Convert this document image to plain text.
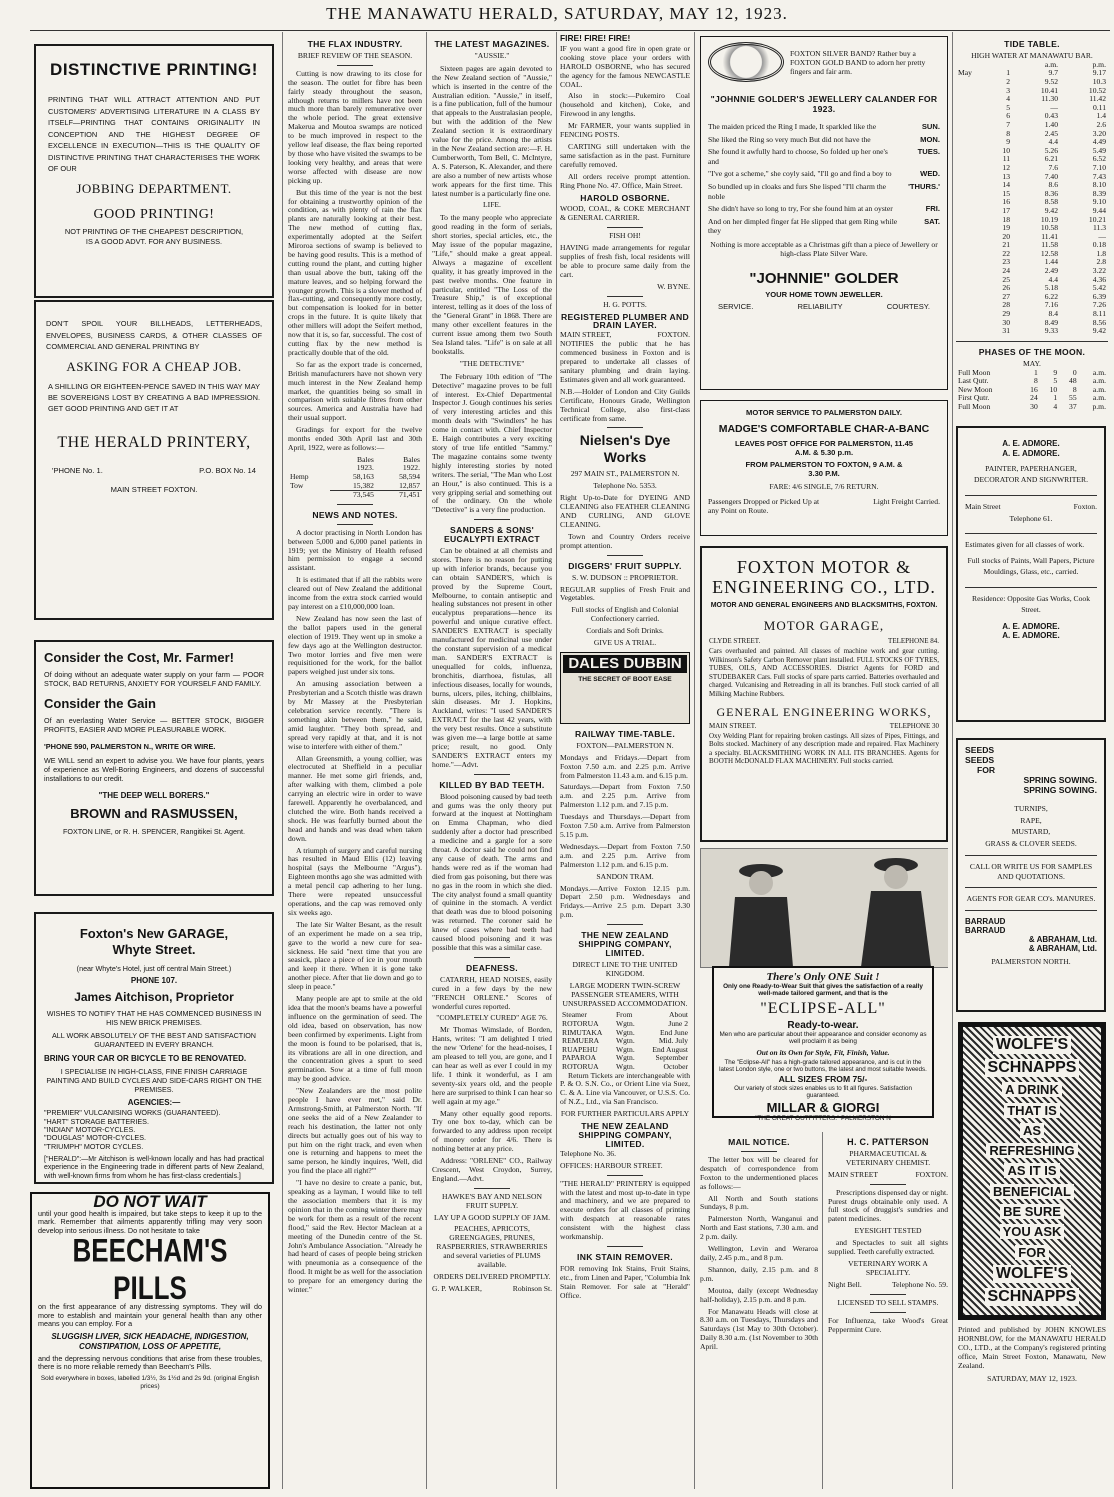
THE MANAWATU HERALD, SATURDAY, MAY 12, 1923.
DISTINCTIVE PRINTING!
PRINTING THAT WILL ATTRACT ATTENTION AND PUT CUSTOMERS' ADVERTISING LITERATURE IN A CLASS BY ITSELF—PRINTING THAT CONTAINS ORIGINALITY IN CONCEPTION AND THE HIGHEST DEGREE OF EXCELLENCE IN EXECUTION—THIS IS THE QUALITY OF DISTINCTIVE PRINTING THAT CHARACTERISES THE WORK OF OUR
JOBBING DEPARTMENT.
GOOD PRINTING!
NOT PRINTING OF THE CHEAPEST DESCRIPTION, IS A GOOD ADVT. FOR ANY BUSINESS.
DON'T SPOIL YOUR BILLHEADS, LETTERHEADS, ENVELOPES, BUSINESS CARDS, & OTHER CLASSES OF COMMERCIAL AND GENERAL PRINTING BY
ASKING FOR A CHEAP JOB.
A SHILLING OR EIGHTEEN-PENCE SAVED IN THIS WAY MAY BE SOVEREIGNS LOST BY CREATING A BAD IMPRESSION. GET GOOD PRINTING AND GET IT AT
THE HERALD PRINTERY,
'PHONE No. 1.	P.O. BOX No. 14
MAIN STREET FOXTON.
Consider the Cost, Mr. Farmer!
Of doing without an adequate water supply on your farm — POOR STOCK, BAD RETURNS, ANXIETY FOR YOURSELF AND FAMILY.
Consider the Gain
Of an everlasting Water Service — BETTER STOCK, BIGGER PROFITS, EASIER AND MORE PLEASURABLE WORK.
'PHONE 590, PALMERSTON N., WRITE OR WIRE.
WE WILL send an expert to advise you. We have four plants, years of experience as Well-Boring Engineers, and dozens of successful installations to our credit.
"THE DEEP WELL BORERS."
BROWN and RASMUSSEN,
FOXTON LINE, or R. H. SPENCER, Rangitikei St. Agent.
Foxton's New GARAGE, Whyte Street.
(near Whyte's Hotel, just off central Main Street.)
PHONE 107.
James Aitchison, Proprietor
WISHES TO NOTIFY THAT HE HAS COMMENCED BUSINESS IN HIS NEW BRICK PREMISES.
ALL WORK ABSOLUTELY OF THE BEST AND SATISFACTION GUARANTEED IN EVERY BRANCH.
BRING YOUR CAR OR BICYCLE TO BE RENOVATED.
I SPECIALISE IN HIGH-CLASS, FINE FINISH CARRIAGE PAINTING AND BUILD CYCLES AND SIDE-CARS RIGHT ON THE PREMISES.
AGENCIES:—
"PREMIER" VULCANISING WORKS (GUARANTEED).
"HART" STORAGE BATTERIES.
"INDIAN" MOTOR-CYCLES.
"DOUGLAS" MOTOR-CYCLES.
"TRIUMPH" MOTOR CYCLES.
["HERALD":—Mr Aitchison is well-known locally and has had practical experience in the Engineering trade in different parts of New Zealand, with well-known firms from whom he has first-class credentials.]
DO NOT WAIT
until your good health is impaired, but take steps to keep it up to the mark. Remember that ailments apparently trifling may very soon develop into serious illness. Do not hesitate to take
BEECHAM'S PILLS
on the first appearance of any distressing symptoms. They will do more to establish and maintain your general health than any other means you can employ. For a
SLUGGISH LIVER, SICK HEADACHE, INDIGESTION, CONSTIPATION, LOSS OF APPETITE,
and the depressing nervous conditions that arise from these troubles, there is no more reliable remedy than Beecham's Pills.
Sold everywhere in boxes, labelled 1/3½, 3s 1½d and 2s 9d. (original English prices)
THE FLAX INDUSTRY.
BRIEF REVIEW OF THE SEASON.

Cutting is now drawing to its close for the season. The outlet for fibre has been fairly steady throughout the season, although returns to millers have not been much more than barely remunerative over the whole period. The great extensive Makerua and Moutoa swamps are noticed to be much improved in respect to the yellow leaf disease, the flax being reported by those who have visited the swamps to be looking very healthy, and areas that were worse affected with disease are now picking up.

But this time of the year is not the best for obtaining a trustworthy opinion of the condition, as with plenty of rain the flax plants are naturally looking at their best. The new method of cutting flax, experimentally adopted at the Seifert Miroroa sections of swamp is believed to be having good results. This is a method of cutting round the plant, and cutting higher than usual above the butt, taking off the mature leaves, and so helping forward the younger growth. This is a slower method of flax-cutting, and consequently more costly, but compensation is looked for in better crops in the future. It is quite likely that other millers will adopt the Seifert method, now that it is, so far, successful. The cost of cutting flax by the new method is practically double that of the old.

So far as the export trade is concerned, British manufacturers have not shown very much interest in the New Zealand hemp market, the quantities being so small in comparison with suitable fibres from other sources. America and Australia have had their usual support.

Gradings for export for the twelve months ended 30th April last and 30th April, 1922, were as follows:—

	Bales	Bales
	1923.	1922.
Hemp	58,163	58,594
Tow	15,382	12,857
	73,545	71,451
NEWS AND NOTES.

A doctor practising in North London has between 5,000 and 6,000 panel patients in 1919; yet the Ministry of Health refused him permission to engage a second assistant.

It is estimated that if all the rabbits were cleared out of New Zealand the additional income from the extra stock carried would pay interest on a £10,000,000 loan.

New Zealand has now seen the last of the ballot papers used in the general election of 1919. They went up in smoke a few days ago at the Wellington destructor. Two motor lorries and five men were requisitioned for the work, for the ballot papers weighed just under six tons.

An amusing association between a Presbyterian and a Scotch thistle was drawn by Mr Massey at the Presbyterian celebration service recently. "There is something akin between them," he said, amid laughter. "They both spread, and spread very rapidly at that, and it is not wise to interfere with either of them."

Allan Greensmith, a young collier, was electrocuted at Sheffield in a peculiar manner. He met some girl friends, and, after walking with them, climbed a pole carrying an electric wire in order to wave farewell. Apparently he overbalanced, and clutched the wire. Both hands received a shock. He was fearfully burned about the head and hands and was dead when taken down.

A triumph of surgery and careful nursing has resulted in Maud Ellis (12) leaving hospital (says the Melbourne "Argus"). Eighteen months ago she was admitted with a metal pencil cap adhering to her lung. There were repeated unsuccessful operations, and the cap was removed only six weeks ago.

The late Sir Walter Besant, as the result of an experiment he made on a sea trip, gave to the world a new cure for sea-sickness. He said "next time that you are seasick, place a piece of ice in your mouth and keep it there. When it is gone take another piece. After that lie down and go to sleep in peace."

Many people are apt to smile at the old idea that the moon's beams have a powerful influence on the germination of seed. The old idea, based on observation, has now been confirmed by experiments. Light from the moon is found to be polarised, that is, its vibrations are all in one direction, and the concentration gives a spurt to seed germination. Sow at a time of full moon may be good advice.

"New Zealanders are the most polite people I have ever met," said Dr. Armstrong-Smith, at Palmerston North. "If one seeks the aid of a New Zealander to reach his destination, the latter not only directs but actually goes out of his way to put him on the right track, and even when one is returning and happens to meet the same person, he kindly inquires, 'Well, did you find the place all right?'"

"I have no desire to create a panic, but, speaking as a layman, I would like to tell the association members that it is my opinion that in the coming winter there may be work for them as a result of the recent flood," said the Rev. Hector Maclean at a meeting of the Dunedin centre of the St. John's Ambulance Association. "Already he had heard of cases of people being stricken with pneumonia as a consequence of the flood. It might be as well for the association to prepare for an emergency during the winter."

THE LATEST MAGAZINES.
"AUSSIE."

Sixteen pages are again devoted to the New Zealand section of "Aussie," which is inserted in the centre of the Australian edition. "Aussie," in itself, is a fine publication, full of the humour that appeals to the Australasian people, but with the addition of the New Zealand section it is extraordinary value for the price. Among the artists in the New Zealand section are:—F. H. Cumberworth, Tom Bell, C. McIntyre, A. S. Paterson, K. Alexander, and there are also a number of new artists whose work appears for the first time. This latest number is a particularly fine one.

LIFE.

To the many people who appreciate good reading in the form of serials, short stories, special articles, etc., the May issue of the popular magazine, "Life," should make a great appeal. Always a magazine of excellent quality, it has greatly improved in the past twelve months. One feature in particular, entitled "The Loss of the Treasure Ship," is of exceptional interest, telling as it does of the loss of the "General Grant" in 1868. There are many other excellent features in the current issue among them two South Sea Island tales. "Life" is on sale at all bookstalls.

"THE DETECTIVE"

The February 10th edition of "The Detective" magazine proves to be full of interest. Ex-Chief Departmental Inspector J. Gough continues his series of very interesting articles and this month deals with "Swindlers" he has come in contact with. Chief Inspector E. Haigh contributes a very exciting story of true life entitled "Sammy." The magazine contains some twenty highly interesting stories by noted writers. The serial, "The Man who Lost an Hour," is also continued. This is a very gripping serial and something out of the ordinary. On the whole "Detective" is a very fine production.

SANDERS & SONS' EUCALYPTI EXTRACT

Can be obtained at all chemists and stores. There is no reason for putting up with inferior brands, because you can obtain SANDER'S, which is proved by the Supreme Court, Melbourne, to contain antiseptic and healing substances not present in other eucalyptus preparations—hence its powerful and unique curative effect. SANDER'S EXTRACT is specially manufactured for medicinal use under the constant supervision of a medical man. SANDER'S EXTRACT is unequalled for colds, influenza, bronchitis, diarrhoea, fistulas, all infectious diseases, locally for wounds, burns, ulcers, piles, itching, chilblains, skin diseases. Mr J. Hopkins, Auckland, writes: "I used SANDER'S EXTRACT for the last 42 years, with the very best results. Once a substitute was given me—a large bottle at same price; result, no good. Only SANDER'S EXTRACT enters my home."—Advt.

KILLED BY BAD TEETH.

Blood poisoning caused by bad teeth and gums was the only theory put forward at the inquest at Nottingham on Emma Chapman, who died suddenly after a doctor had prescribed a medicine and a gargle for a sore throat. A doctor said he could not find any cause of death. The arms and hands were red as if the woman had died from gas poisoning, but there was no gas in the room in which she died. The city analyst found a small quantity of quinine in the stomach. A verdict that death was due to blood poisoning was returned. The coroner said he knew of cases where bad teeth had caused blood poisoning and it was possible that this was a similar case.

DEAFNESS.

CATARRH, HEAD NOISES, easily cured in a few days by the new "FRENCH ORLENE." Scores of wonderful cures reported.

"COMPLETELY CURED" AGE 76.

Mr Thomas Wimslade, of Borden, Hants, writes: "I am delighted I tried the new 'Orlene' for the head-noises, I am pleased to tell you, are gone, and I can hear as well as ever I could in my life. I think it wonderful, as I am seventy-six years old, and the people here are surprised to think I can hear so well again at my age."

Many other equally good reports. Try one box to-day, which can be forwarded to any address upon receipt of money order for 4/6. There is nothing better at any price.

Address: "ORLENE" CO., Railway Crescent, West Croydon, Surrey, England.—Advt.

HAWKE'S BAY AND NELSON FRUIT SUPPLY.

LAY UP A GOOD SUPPLY OF JAM.

PEACHES, APRICOTS, GREENGAGES, PRUNES, RASPBERRIES, STRAWBERRIES and several varieties of PLUMS available.

ORDERS DELIVERED PROMPTLY.

G. P. WALKER,	Robinson St.
FIRE! FIRE! FIRE!

IF you want a good fire in open grate or cooking stove place your orders with HAROLD OSBORNE, who has secured the agency for the famous NEWCASTLE COAL.

Also in stock:—Pukemiro Coal (household and kitchen), Coke, and Firewood in any lengths.

Mr FARMER, your wants supplied in FENCING POSTS.

CARTING still undertaken with the same satisfaction as in the past. Furniture carefully removed.

All orders receive prompt attention. Ring Phone No. 47. Office, Main Street.

HAROLD OSBORNE.

WOOD, COAL, & COKE MERCHANT & GENERAL CARRIER.

FISH OH!

HAVING made arrangements for regular supplies of fresh fish, local residents will be able to procure same daily from the cart.

W. BYNE.

H. G. POTTS.

REGISTERED PLUMBER AND DRAIN LAYER.
MAIN STREET,	FOXTON.

NOTIFIES the public that he has commenced business in Foxton and is prepared to undertake all classes of sanitary plumbing and drain laying. Estimates given and all work guaranteed.

N.B.—Holder of London and City Guilds Certificate, Honours Grade, Wellington Technical College, also first-class certificate from same.

Nielsen's Dye Works

297 MAIN ST., PALMERSTON N.

Telephone No. 5353.

Right Up-to-Date for DYEING AND CLEANING also FEATHER CLEANING AND CURLING, AND GLOVE CLEANING.

Town and Country Orders receive prompt attention.

DIGGERS' FRUIT SUPPLY.

S. W. DUDSON :: PROPRIETOR.

REGULAR supplies of Fresh Fruit and Vegetables.

Full stocks of English and Colonial Confectionery carried.

Cordials and Soft Drinks.

GIVE US A TRIAL.

DALES DUBBIN
THE SECRET OF BOOT EASE
RAILWAY TIME-TABLE.

FOXTON—PALMERSTON N.

Mondays and Fridays.—Depart from Foxton 7.50 a.m. and 2.25 p.m. Arrive from Palmerston 11.43 a.m. and 6.15 p.m.

Saturdays.—Depart from Foxton 7.50 a.m. and 2.25 p.m. Arrive from Palmerston 1.12 p.m. and 7.15 p.m.

Tuesdays and Thursdays.—Depart from Foxton 7.50 a.m. Arrive from Palmerston 5.15 p.m.

Wednesdays.—Depart from Foxton 7.50 a.m. and 2.25 p.m. Arrive from Palmerston 1.12 p.m. and 6.15 p.m.

SANDON TRAM.

Mondays.—Arrive Foxton 12.15 p.m. Depart 2.50 p.m. Wednesdays and Fridays.—Arrive 2.5 p.m. Depart 3.30 p.m.

THE NEW ZEALAND SHIPPING COMPANY, LIMITED.

DIRECT LINE TO THE UNITED KINGDOM.

LARGE MODERN TWIN-SCREW PASSENGER STEAMERS, WITH UNSURPASSED ACCOMMODATION.

Steamer	From	About
ROTORUA	Wgtn.	June 2
RIMUTAKA	Wgtn.	End June
REMUERA	Wgtn.	Mid. July
RUAPEHU	Wgtn.	End August
PAPAROA	Wgtn.	September
ROTORUA	Wgtn.	October

Return Tickets are interchangeable with P. & O. S.N. Co., or Orient Line via Suez, C. & A. Line via Vancouver, or U.S.S. Co. of N.Z., Ltd., via San Francisco.

FOR FURTHER PARTICULARS APPLY

THE NEW ZEALAND SHIPPING COMPANY, LIMITED.

Telephone No. 36.

OFFICES: HARBOUR STREET.

"THE HERALD" PRINTERY is equipped with the latest and most up-to-date in type and machinery, and we are prepared to execute orders for all classes of printing with despatch at reasonable rates consistent with the highest class workmanship.

INK STAIN REMOVER.

FOR removing Ink Stains, Fruit Stains, etc., from Linen and Paper, "Columbia Ink Stain Remover. For sale at "Herald" Office.

FOXTON SILVER BAND? Rather buy a FOXTON GOLD BAND to adorn her pretty fingers and fair arm.
"JOHNNIE GOLDER'S JEWELLERY CALANDER FOR 1923.
The maiden priced the Ring I made, It sparkled like the	SUN.
She liked the Ring so very much But did not have the	MON.
She found it awfully hard to choose, So folded up her one's and
TUES.
"I've got a scheme," she coyly said, "I'll go and find a boy to	WED.
So bundled up in cloaks and furs She lisped "I'll charm the noble
'THURS.'
She didn't have so long to try, For she found him at an oyster	FRI.
And on her dimpled finger fat He slipped that gem Ring while they
SAT.
Nothing is more acceptable as a Christmas gift than a piece of Jewellery or high-class Plate Silver Ware.
"JOHNNIE" GOLDER
YOUR HOME TOWN JEWELLER.
SERVICE.	RELIABILITY	COURTESY.
MOTOR SERVICE TO PALMERSTON DAILY.
MADGE'S COMFORTABLE CHAR-A-BANC
LEAVES POST OFFICE FOR PALMERSTON, 11.45 A.M. & 5.30 p.m.
FROM PALMERSTON TO FOXTON, 9 A.M. & 3.30 P.M.
FARE: 4/6 SINGLE, 7/6 RETURN.
Passengers Dropped or Picked Up at any Point on Route.
Light Freight Carried.
FOXTON MOTOR & ENGINEERING CO., LTD.
MOTOR AND GENERAL ENGINEERS AND BLACKSMITHS, FOXTON.
MOTOR GARAGE,
CLYDE STREET.	TELEPHONE 84.
Cars overhauled and painted. All classes of machine work and gear cutting. Wilkinson's Safety Carbon Remover plant installed. FULL STOCKS OF TYRES, TUBES, OILS, AND ACCESSORIES. District Agents for FORD and STUDEBAKER Cars. Full stocks of spare parts carried. Batteries overhauled and charged. Vulcanising and Retreading in all its branches. Full stock carried of all Milking Machine Rubbers.
GENERAL ENGINEERING WORKS,
MAIN STREET.	TELEPHONE 30
Oxy Welding Plant for repairing broken castings. All sizes of Pipes, Fittings, and Bolts stocked. Machinery of any description made and repaired. Flax Machinery a specialty. BLACKSMITHING WORK IN ALL ITS BRANCHES. Agents for BOOTH McDONALD FLAX MACHINERY. Full stocks carried.
There's Only ONE Suit !
Only one Ready-to-Wear Suit that gives the satisfaction of a really well-made tailored garment, and that is the
"ECLIPSE-ALL"
Ready-to-wear.
Men who are particular about their appearance and consider economy as well proclaim it as being
Out on its Own for Style, Fit, Finish, Value.
The "Eclipse-All" has a high-grade tailored appearance, and is cut in the latest London style, one or two buttons, the latest and most suitable tweeds.
ALL SIZES FROM 75/-
Our variety of stock sizes enables us to fit all figures. Satisfaction guaranteed.
MILLAR & GIORGI
"THE GREAT OUTFITTERS." PALMERSTON N
MAIL NOTICE.

The letter box will be cleared for despatch of correspondence from Foxton to the undermentioned places as follows:—

All North and South stations Sundays, 8 p.m.

Palmerston North, Wanganui and North and East stations, 7.30 a.m. and 2 p.m. daily.

Wellington, Levin and Weraroa daily, 2.45 p.m., and 8 p.m.

Shannon, daily, 2.15 p.m. and 8 p.m.

Moutoa, daily (except Wednesday half-holiday), 2.15 p.m. and 8 p.m.

For Manawatu Heads will close at 8.30 a.m. on Tuesdays, Thursdays and Saturdays (1st May to 30th October). Daily 8.30 a.m. (1st November to 30th April.

H. C. PATTERSON

PHARMACEUTICAL & VETERINARY CHEMIST.

MAIN STREET	FOXTON.

Prescriptions dispensed day or night. Purest drugs obtainable only used. A full stock of druggist's sundries and patent medicines.

EYESIGHT TESTED

and Spectacles to suit all sights supplied. Teeth carefully extracted.

VETERINARY WORK A SPECIALITY.

Night Bell.	Telephone No. 59.

LICENSED TO SELL STAMPS.

For Influenza, take Wood's Great Peppermint Cure.

TIDE TABLE.
HIGH WATER AT MANAWATU BAR.
		a.m.	p.m.
May	1	9.7	9.17
	2	9.52	10.3
	3	10.41	10.52
	4	11.30	11.42
	5	—	0.11
	6	0.43	1.4
	7	1.40	2.6
	8	2.45	3.20
	9	4.4	4.49
	10	5.26	5.49
	11	6.21	6.52
	12	7.6	7.10
	13	7.40	7.43
	14	8.6	8.10
	15	8.36	8.39
	16	8.58	9.10
	17	9.42	9.44
	18	10.19	10.21
	19	10.58	11.3
	20	11.41	—
	21	11.58	0.18
	22	12.58	1.8
	23	1.44	2.8
	24	2.49	3.22
	25	4.4	4.36
	26	5.18	5.42
	27	6.22	6.39
	28	7.16	7.26
	29	8.4	8.11
	30	8.49	8.56
	31	9.33	9.42
PHASES OF THE MOON.
MAY.
Full Moon	1	9	0	a.m.
Last Qutr.	8	5	48	a.m.
New Moon	16	10	8	a.m.
First Qutr.	24	1	55	a.m.
Full Moon	30	4	37	p.m.
A. E. ADMORE.
A. E. ADMORE.
PAINTER, PAPERHANGER, DECORATOR AND SIGNWRITER.
Main Street	Foxton.
Telephone 61.
Estimates given for all classes of work.
Full stocks of Paints, Wall Papers, Picture Mouldings, Glass, etc., carried.
Residence: Opposite Gas Works, Cook Street.
A. E. ADMORE.
A. E. ADMORE.
SEEDS
SEEDS
FOR
SPRING SOWING.
SPRING SOWING.
TURNIPS,
RAPE,
MUSTARD,
GRASS & CLOVER SEEDS.
CALL OR WRITE US FOR SAMPLES AND QUOTATIONS.
AGENTS FOR GEAR CO's. MANURES.
BARRAUD
BARRAUD
& ABRAHAM, Ltd.
& ABRAHAM, Ltd.
PALMERSTON NORTH.
WOLFE'S
SCHNAPPS
A DRINK
THAT IS
AS
REFRESHING
AS IT IS
BENEFICIAL
BE SURE
YOU ASK
FOR
WOLFE'S
SCHNAPPS

Printed and published by JOHN KNOWLES HORNBLOW, for the MANAWATU HERALD CO., LTD., at the Company's registered printing office, Main Street Foxton, Manawatu, New Zealand.

SATURDAY, MAY 12, 1923.
